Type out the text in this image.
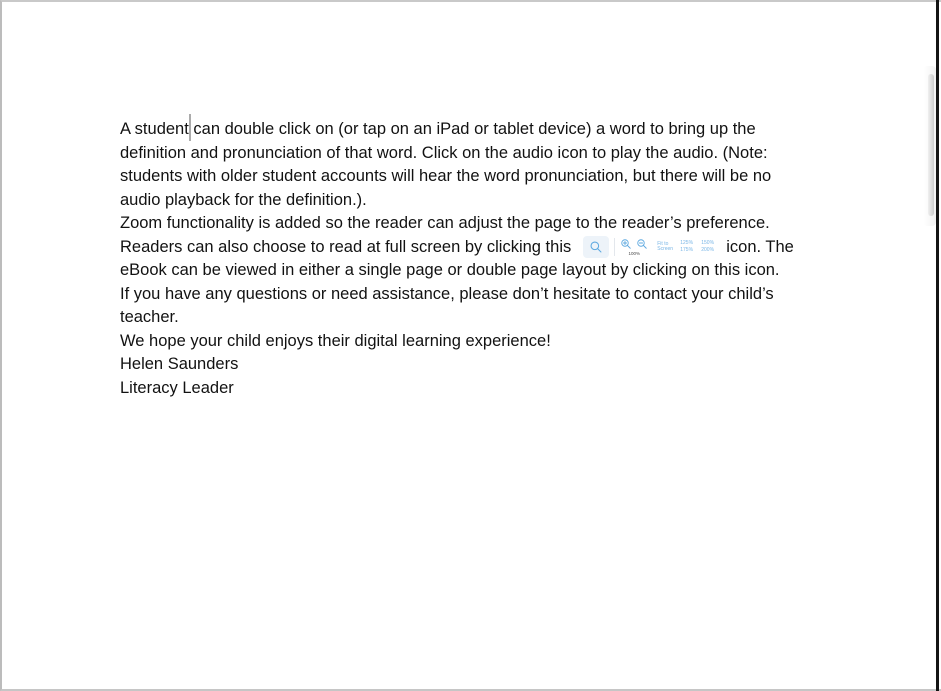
A student can double click on (or tap on an iPad or tablet device) a word to bring up the
definition and pronunciation of that word. Click on the audio icon to play the audio. (Note:
students with older student accounts will hear the word pronunciation, but there will be no
audio playback for the definition.).
Zoom functionality is added so the reader can adjust the page to the reader’s preference.

Readers can also choose to read at full screen by clicking this	100%
Fit to Screen
125%	150%
175%	200% icon. The
eBook can be viewed in either a single page or double page layout by clicking on this icon.

If you have any questions or need assistance, please don’t hesitate to contact your child’s
teacher.
We hope your child enjoys their digital learning experience!

Helen Saunders
Literacy Leader
